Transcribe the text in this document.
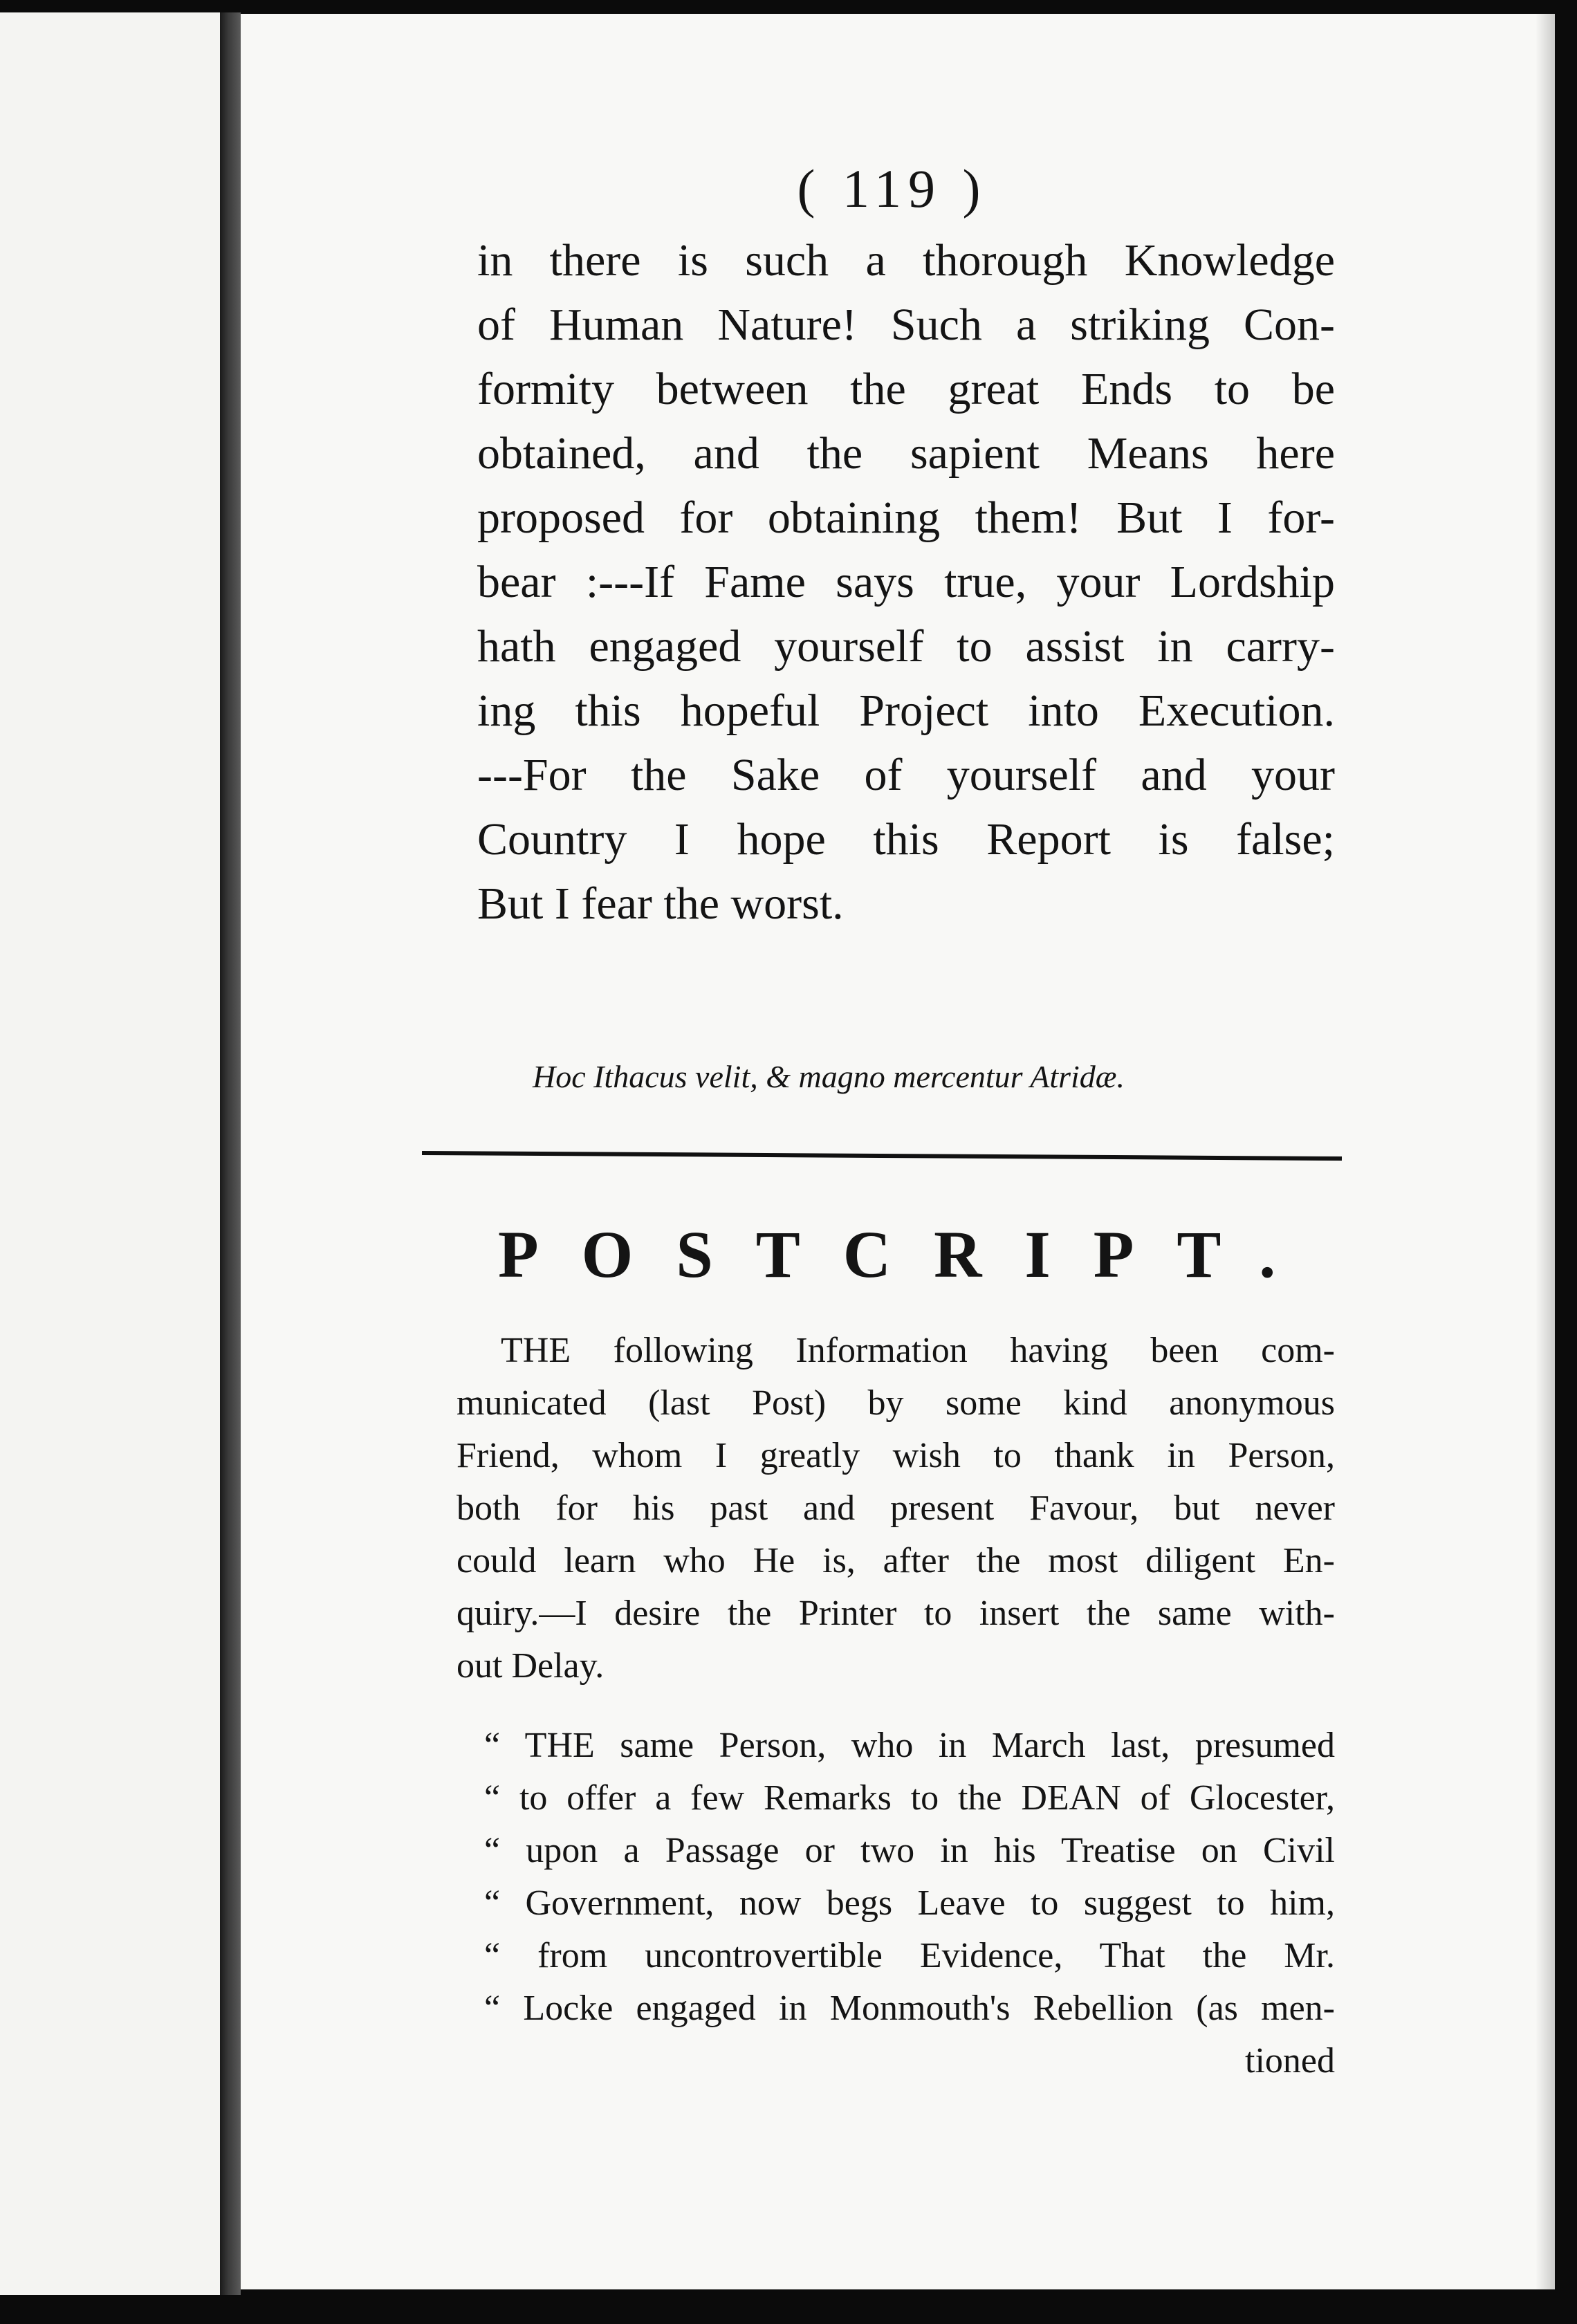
( 119 )
in there is such a thorough Knowledge
of Human Nature! Such a striking Con-
formity between the great Ends to be
obtained, and the sapient Means here
proposed for obtaining them! But I for-
bear :---If Fame says true, your Lordship
hath engaged yourself to assist in carry-
ing this hopeful Project into Execution.
---For the Sake of yourself and your
Country I hope this Report is false;
But I fear the worst.
Hoc Ithacus velit, & magno mercentur Atridæ.
POSTCRIPT.
THE following Information having been com-
municated (last Post) by some kind anonymous
Friend, whom I greatly wish to thank in Person,
both for his past and present Favour, but never
could learn who He is, after the most diligent En-
quiry.—I desire the Printer to insert the same with-
out Delay.
“ THE same Person, who in March last, presumed
“ to offer a few Remarks to the DEAN of Glocester,
“ upon a Passage or two in his Treatise on Civil
“ Government, now begs Leave to suggest to him,
“ from uncontrovertible Evidence, That the Mr.
“ Locke engaged in Monmouth's Rebellion (as men-
tioned
